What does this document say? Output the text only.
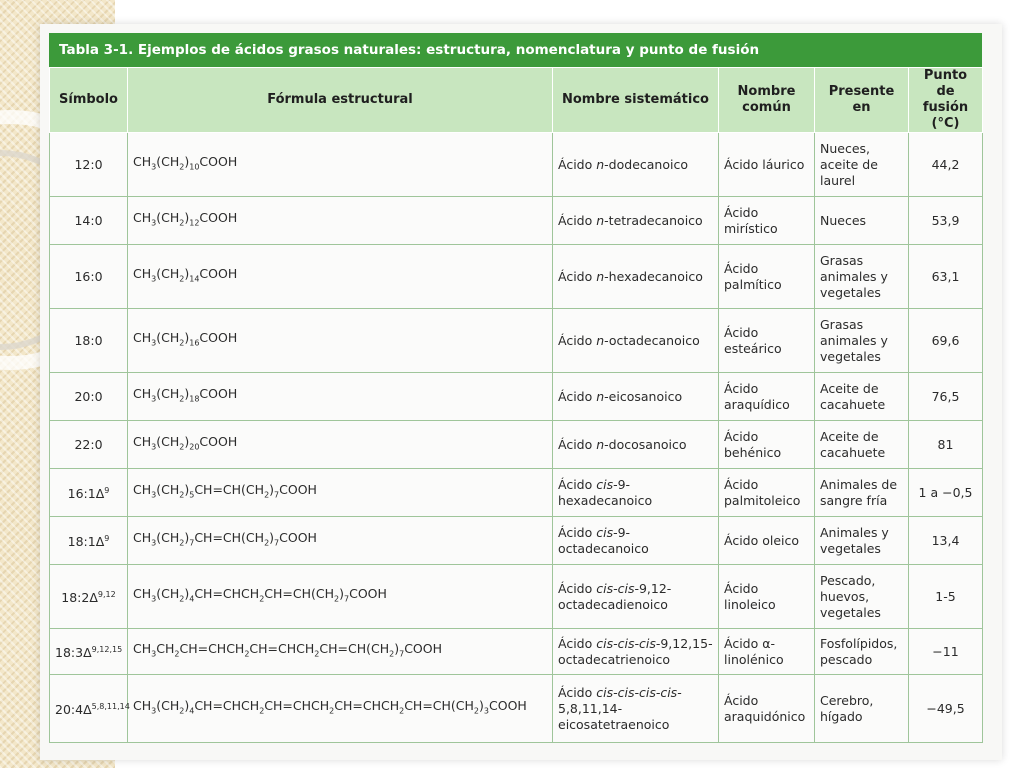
Tabla 3-1. Ejemplos de ácidos grasos naturales: estructura, nomenclatura y punto de fusión
Símbolo	Fórmula estructural	Nombre sistemático	Nombre común	Presente en	Punto de fusión (°C)
12:0	$CH_3(CH_2)_{10}COOH$	Ácido n-dodecanoico	Ácido láurico	Nueces, aceite de laurel	44,2
14:0	$CH_3(CH_2)_{12}COOH$	Ácido n-tetradecanoico	Ácido mirístico	Nueces	53,9
16:0	$CH_3(CH_2)_{14}COOH$	Ácido n-hexadecanoico	Ácido palmítico	Grasas animales y vegetales	63,1
18:0	$CH_3(CH_2)_{16}COOH$	Ácido n-octadecanoico	Ácido esteárico	Grasas animales y vegetales	69,6
20:0	$CH_3(CH_2)_{18}COOH$	Ácido n-eicosanoico	Ácido araquídico	Aceite de cacahuete	76,5
22:0	$CH_3(CH_2)_{20}COOH$	Ácido n-docosanoico	Ácido behénico	Aceite de cacahuete	81
$16:1\Delta^9$	$CH_3(CH_2)_5CH=CH(CH_2)_7COOH$	Ácido cis-9-hexadecanoico	Ácido palmitoleico	Animales de sangre fría	1 a −0,5
$18:1\Delta^9$	$CH_3(CH_2)_7CH=CH(CH_2)_7COOH$	Ácido cis-9-octadecanoico	Ácido oleico	Animales y vegetales	13,4
$18:2\Delta^{9,12}$	$CH_3(CH_2)_4CH=CHCH_2CH=CH(CH_2)_7COOH$	Ácido cis-cis-9,12-octadecadienoico	Ácido linoleico	Pescado, huevos, vegetales	1-5
$18:3\Delta^{9,12,15}$	$CH_3CH_2CH=CHCH_2CH=CHCH_2CH=CH(CH_2)_7COOH$	Ácido cis-cis-cis-9,12,15-octadecatrienoico	Ácido α-linolénico	Fosfolípidos, pescado	−11
$20:4\Delta^{5,8,11,14}$	$CH_3(CH_2)_4CH=CHCH_2CH=CHCH_2CH=CHCH_2CH=CH(CH_2)_3COOH$	Ácido cis-cis-cis-cis-5,8,11,14-eicosatetraenoico	Ácido araquidónico	Cerebro, hígado	−49,5
